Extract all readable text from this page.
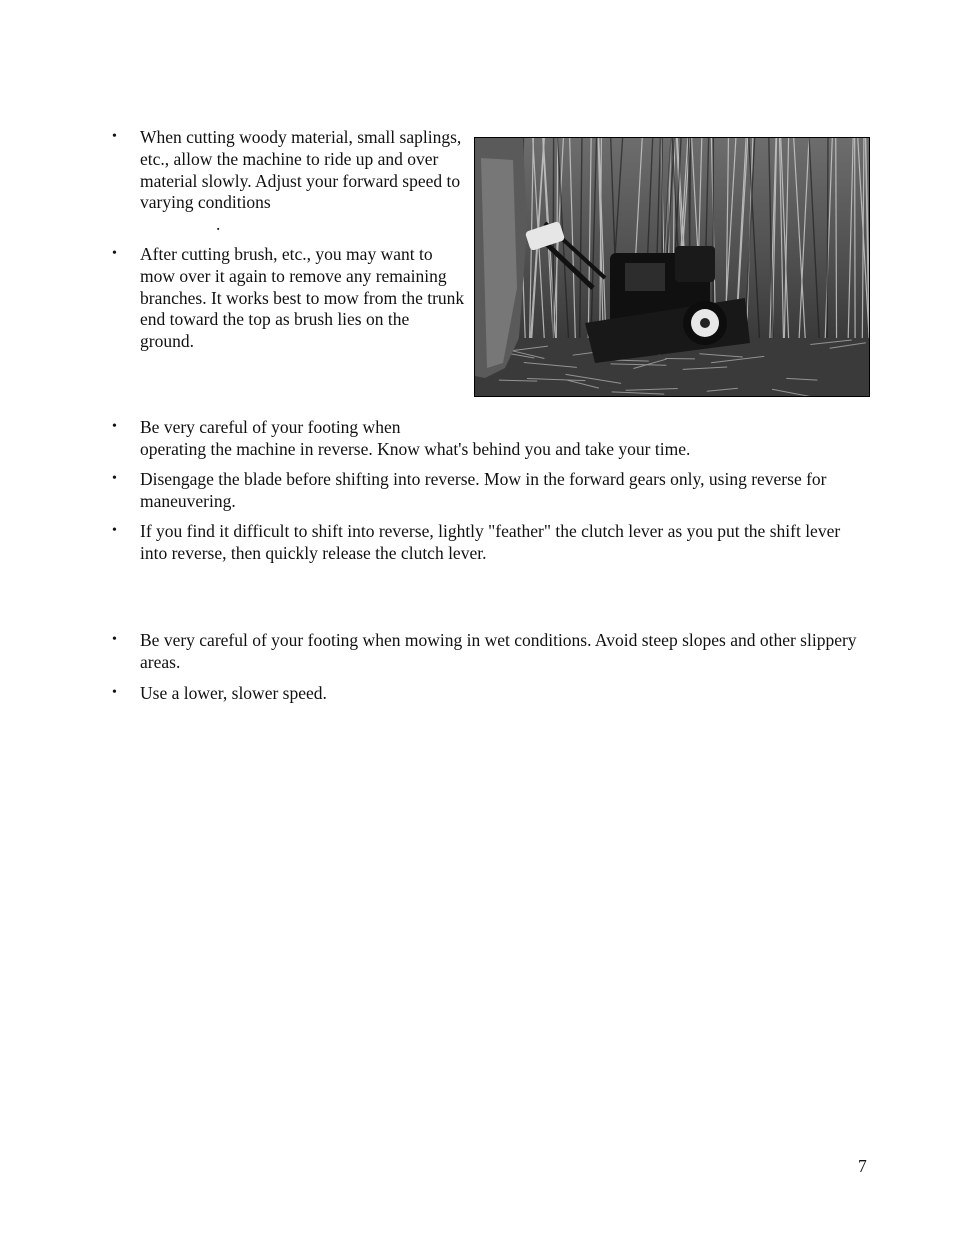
•	When cutting woody material, small saplings, etc., allow the machine to ride up and over material slowly. Adjust your forward speed to varying conditions

.
•	After cutting brush, etc., you may want to mow over it again to remove any remaining branches. It works best to mow from the trunk end toward the top as brush lies on the ground.

•	Be very careful of your footing when
operating the machine in reverse. Know what's behind you and take your time.

•	Disengage the blade before shifting into reverse. Mow in the forward gears only, using reverse for maneuvering.

•	If you find it difficult to shift into reverse, lightly "feather" the clutch lever as you put the shift lever into reverse, then quickly release the clutch lever.

•	Be very careful of your footing when mowing in wet conditions. Avoid steep slopes and other slippery areas.

•	Use a lower, slower speed.

7
